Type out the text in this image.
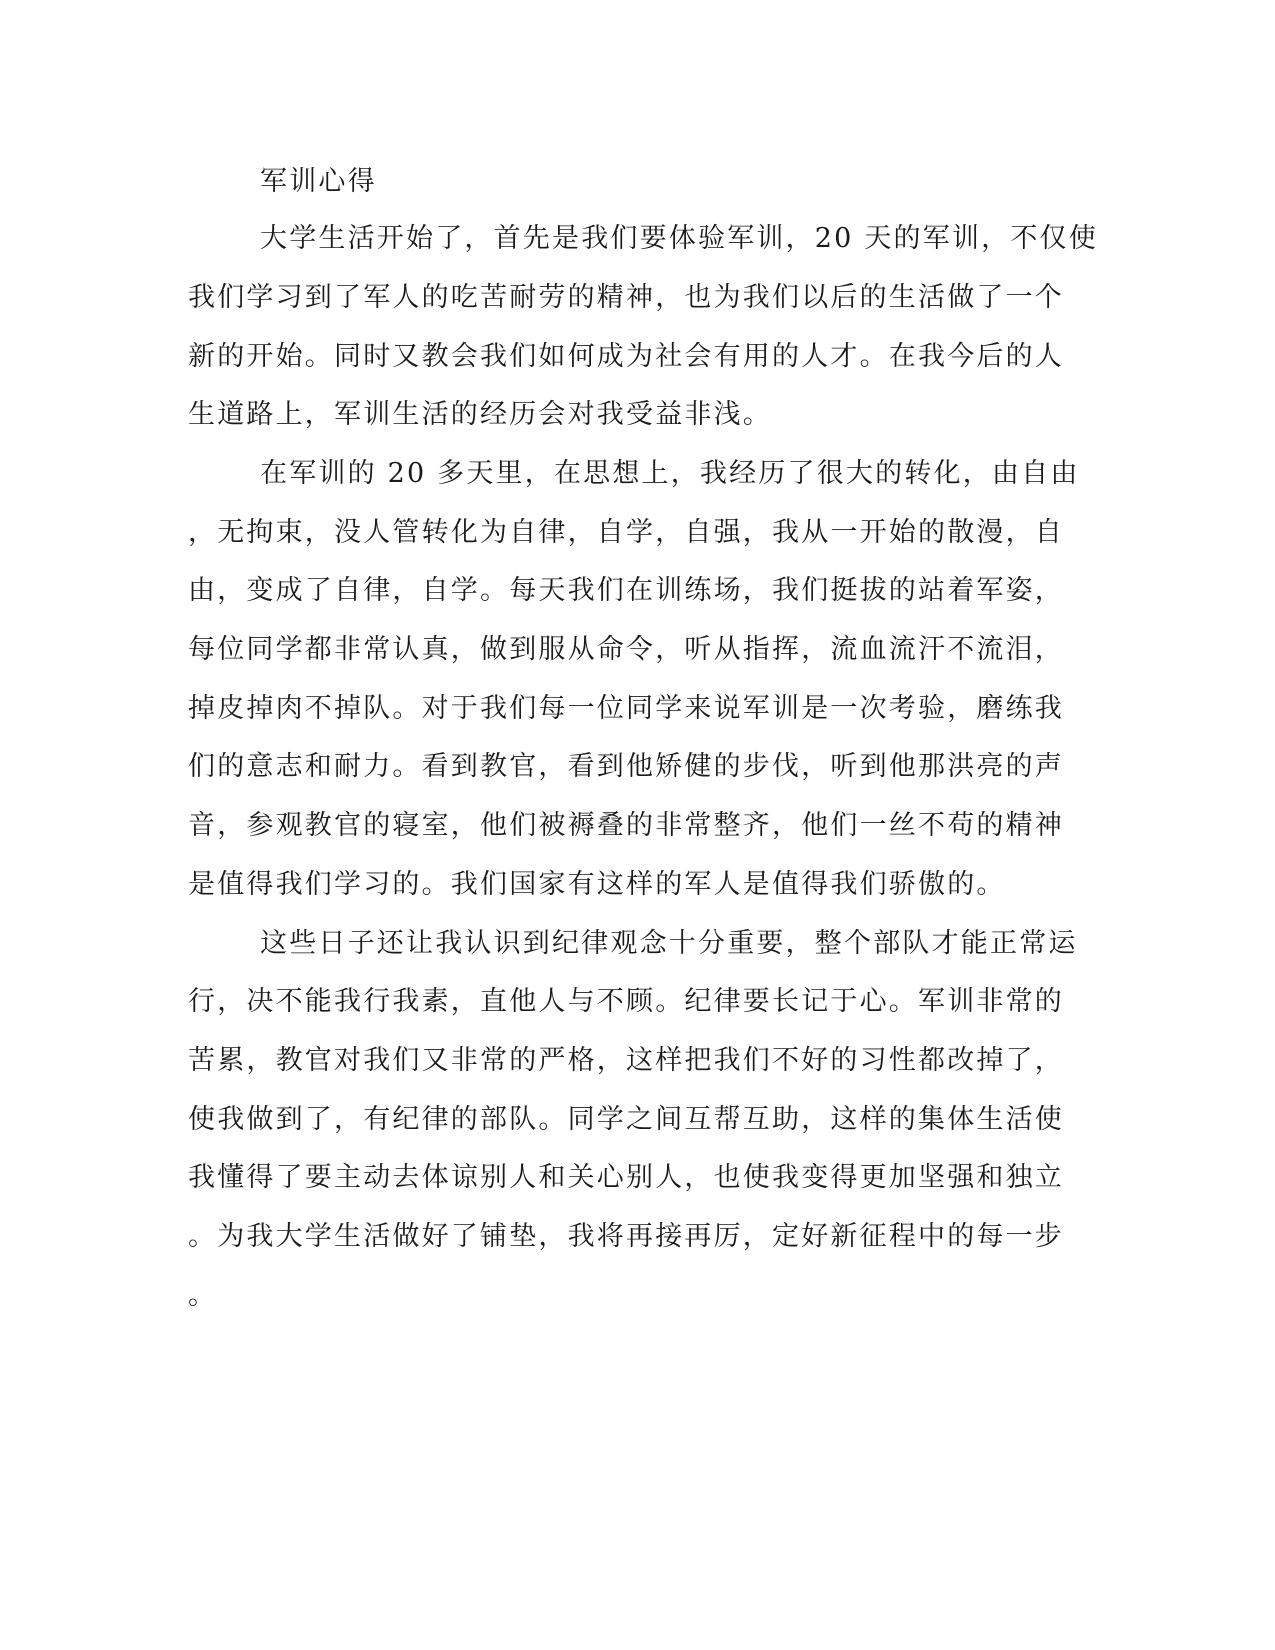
军训心得
大学生活开始了，首先是我们要体验军训，20 天的军训，不仅使
我们学习到了军人的吃苦耐劳的精神，也为我们以后的生活做了一个
新的开始。同时又教会我们如何成为社会有用的人才。在我今后的人
生道路上，军训生活的经历会对我受益非浅。
在军训的 20 多天里，在思想上，我经历了很大的转化，由自由
，无拘束，没人管转化为自律，自学，自强，我从一开始的散漫，自
由，变成了自律，自学。每天我们在训练场，我们挺拔的站着军姿，
每位同学都非常认真，做到服从命令，听从指挥，流血流汗不流泪，
掉皮掉肉不掉队。对于我们每一位同学来说军训是一次考验，磨练我
们的意志和耐力。看到教官，看到他矫健的步伐，听到他那洪亮的声
音，参观教官的寝室，他们被褥叠的非常整齐，他们一丝不苟的精神
是值得我们学习的。我们国家有这样的军人是值得我们骄傲的。
这些日子还让我认识到纪律观念十分重要，整个部队才能正常运
行，决不能我行我素，直他人与不顾。纪律要长记于心。军训非常的
苦累，教官对我们又非常的严格，这样把我们不好的习性都改掉了，
使我做到了，有纪律的部队。同学之间互帮互助，这样的集体生活使
我懂得了要主动去体谅别人和关心别人，也使我变得更加坚强和独立
。为我大学生活做好了铺垫，我将再接再厉，定好新征程中的每一步
。
